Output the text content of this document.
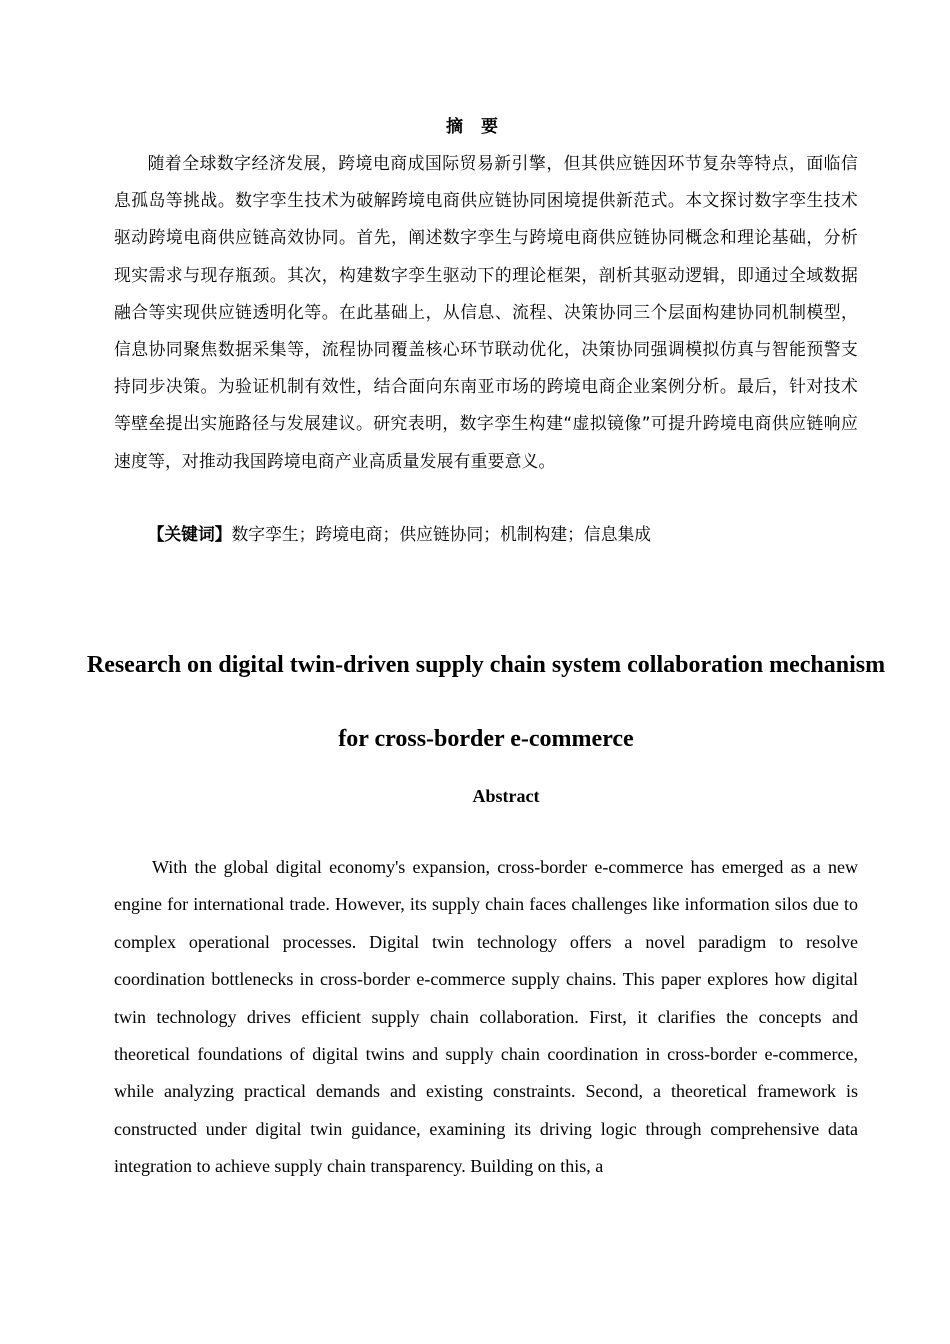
摘 要

随着全球数字经济发展，跨境电商成国际贸易新引擎，但其供应链因环节复杂等特点，面临信息孤岛等挑战。数字孪生技术为破解跨境电商供应链协同困境提供新范式。本文探讨数字孪生技术驱动跨境电商供应链高效协同。首先，阐述数字孪生与跨境电商供应链协同概念和理论基础，分析现实需求与现存瓶颈。其次，构建数字孪生驱动下的理论框架，剖析其驱动逻辑，即通过全域数据融合等实现供应链透明化等。在此基础上，从信息、流程、决策协同三个层面构建协同机制模型，信息协同聚焦数据采集等，流程协同覆盖核心环节联动优化，决策协同强调模拟仿真与智能预警支持同步决策。为验证机制有效性，结合面向东南亚市场的跨境电商企业案例分析。最后，针对技术等壁垒提出实施路径与发展建议。研究表明，数字孪生构建“虚拟镜像”可提升跨境电商供应链响应速度等，对推动我国跨境电商产业高质量发展有重要意义。

【关键词】数字孪生；跨境电商；供应链协同；机制构建；信息集成
Research on digital twin-driven supply chain system collaboration mechanism for cross-border e-commerce
Abstract

With the global digital economy's expansion, cross-border e-commerce has emerged as a new engine for international trade. However, its supply chain faces challenges like information silos due to complex operational processes. Digital twin technology offers a novel paradigm to resolve coordination bottlenecks in cross-border e-commerce supply chains. This paper explores how digital twin technology drives efficient supply chain collaboration. First, it clarifies the concepts and theoretical foundations of digital twins and supply chain coordination in cross-border e-commerce, while analyzing practical demands and existing constraints. Second, a theoretical framework is constructed under digital twin guidance, examining its driving logic through comprehensive data integration to achieve supply chain transparency. Building on this, a
